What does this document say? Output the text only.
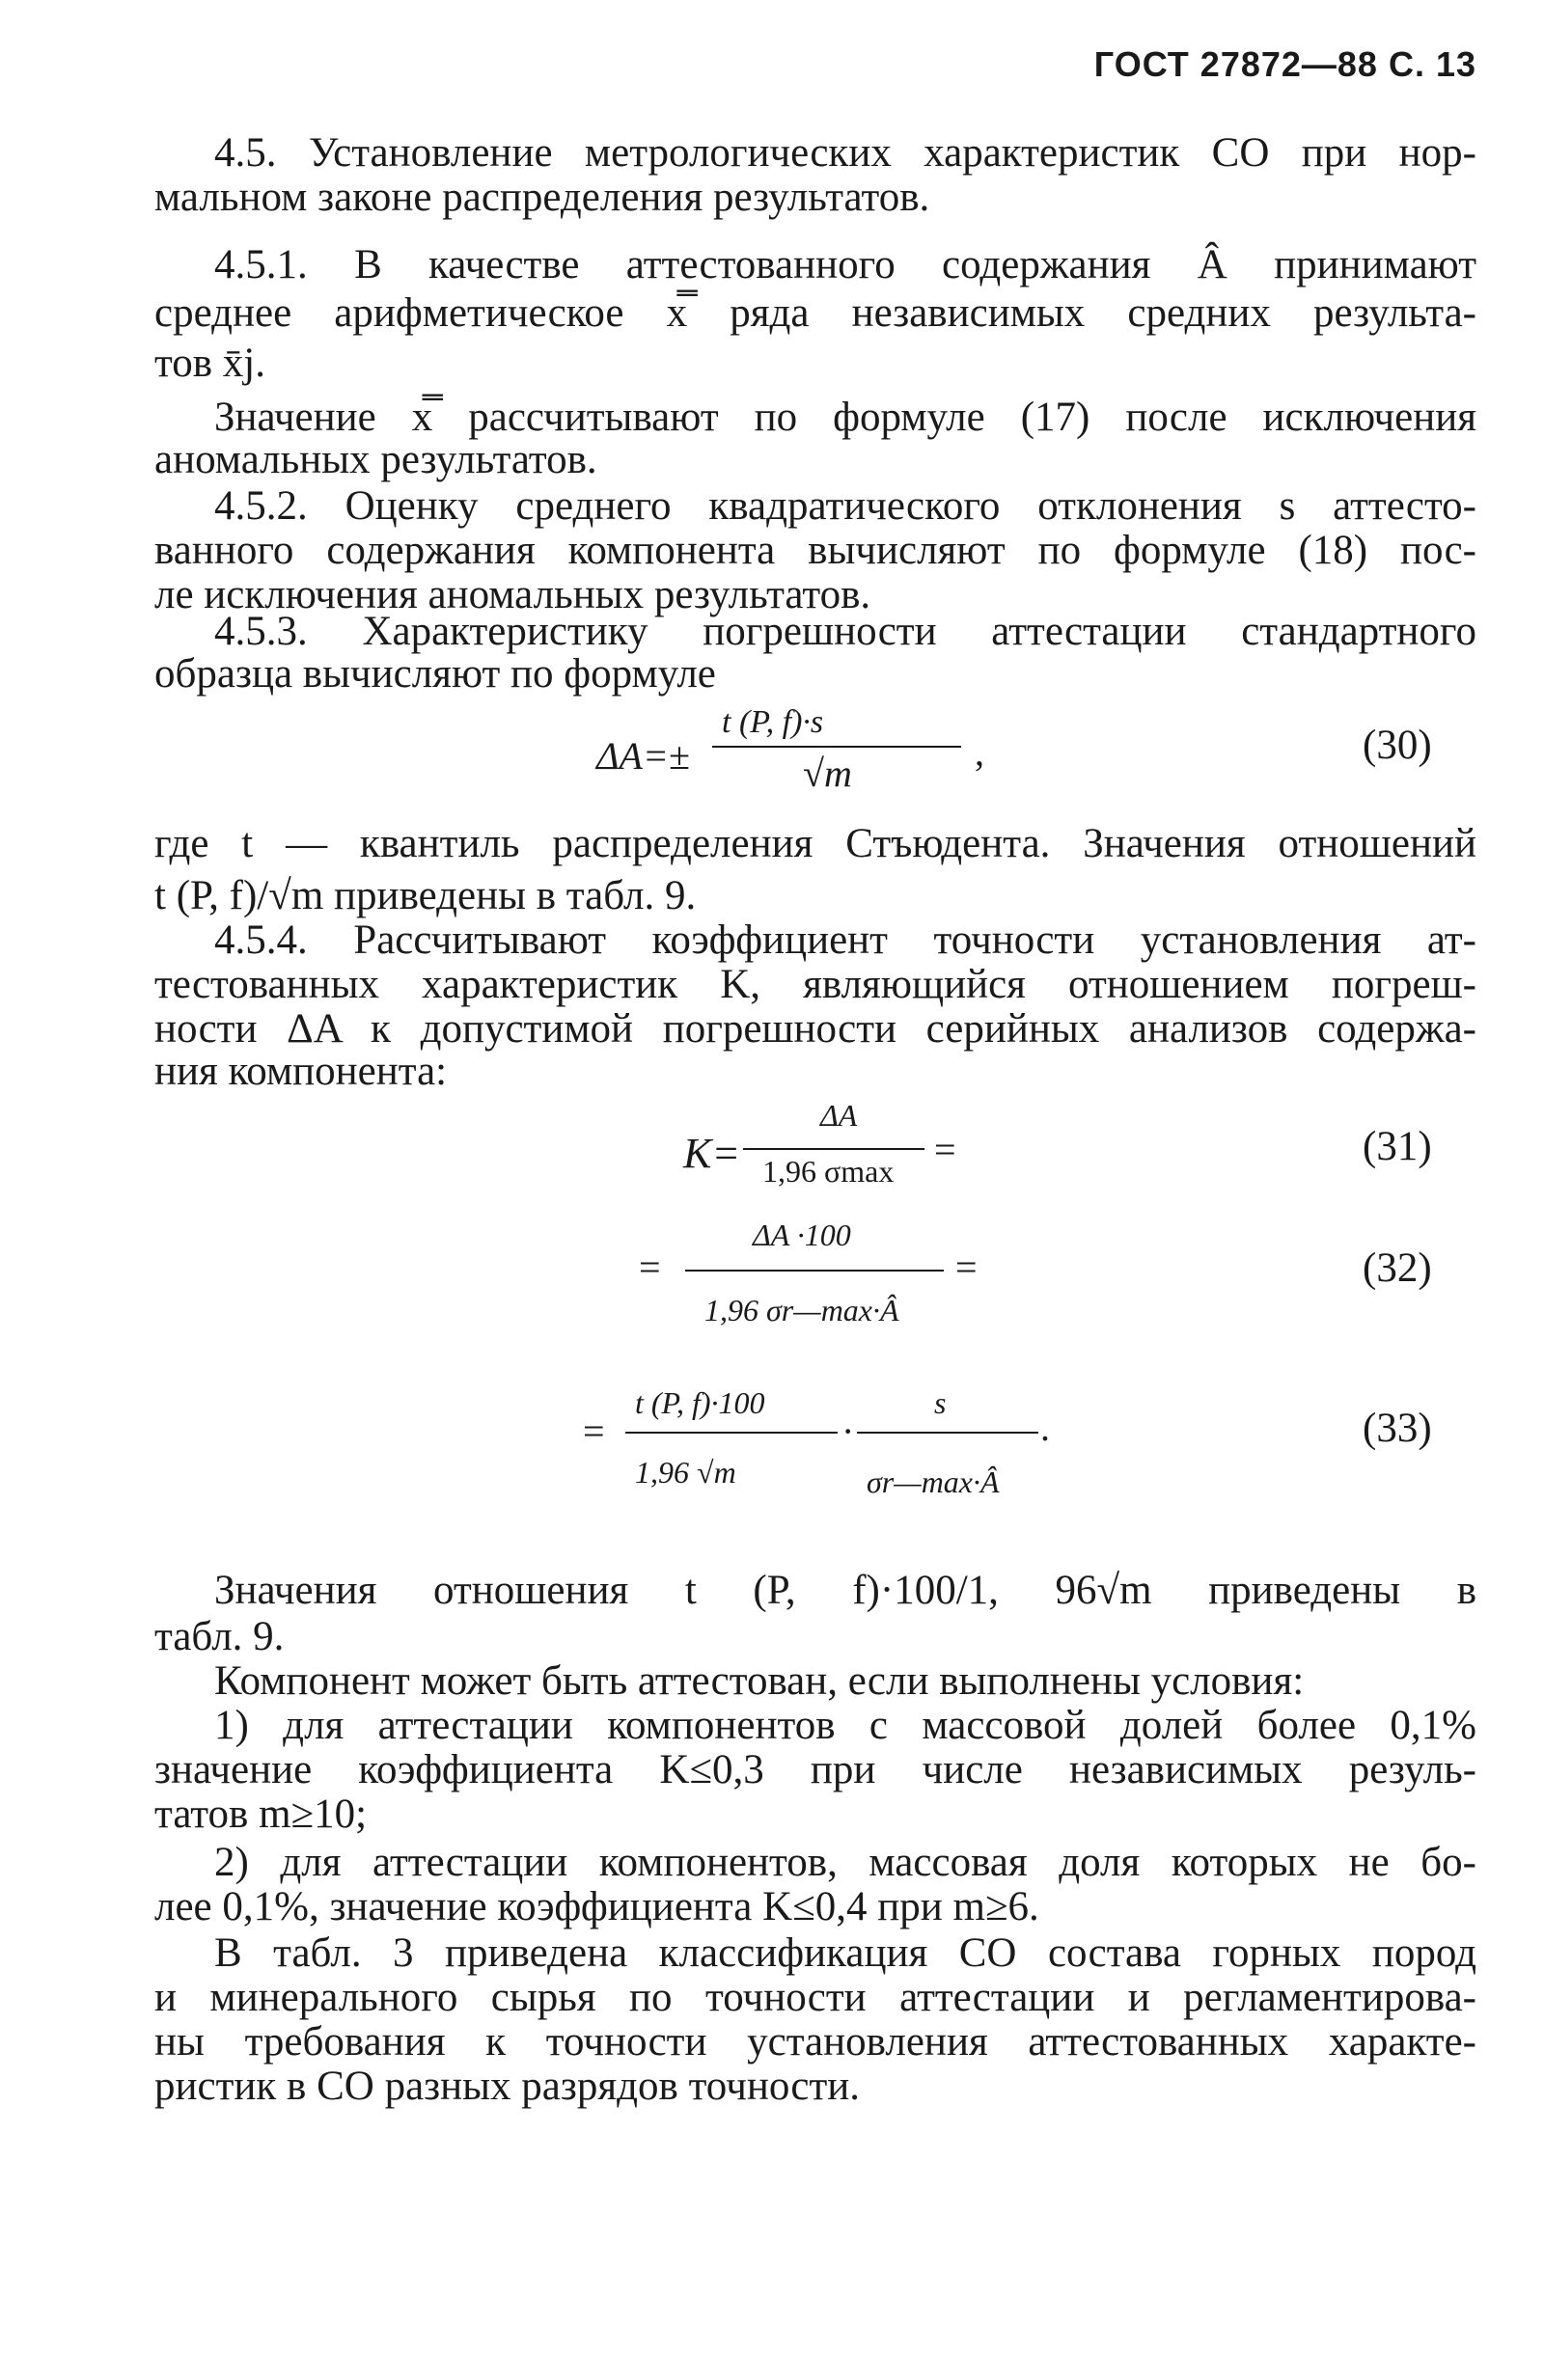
ГОСТ 27872—88 С. 13
4.5. Установление метрологических характеристик СО при нор-
мальном законе распределения результатов.
4.5.1. В качестве аттестованного содержания Â принимают
среднее арифметическое x̿ ряда независимых средних результа-
тов x̄j.
Значение x̿ рассчитывают по формуле (17) после исключения
аномальных результатов.
4.5.2. Оценку среднего квадратического отклонения s аттесто-
ванного содержания компонента вычисляют по формуле (18) пос-
ле исключения аномальных результатов.
4.5.3. Характеристику погрешности аттестации стандартного
образца вычисляют по формуле
ΔA=±
t (P, f)·s
√m	,	(30)
где t — квантиль распределения Стъюдента. Значения отношений
t (P, f)/√m приведены в табл. 9.
4.5.4. Рассчитывают коэффициент точности установления ат-
тестованных характеристик K, являющийся отношением погреш-
ности ΔA к допустимой погрешности серийных анализов содержа-
ния компонента:
K=
ΔA
1,96 σmax =	(31)
=
ΔA ·100
1,96 σr—max·Â
=	(32)
=
t (P, f)·100
1,96 √m
·
s
σr—max·Â
.	(33)
Значения отношения t (P, f)·100/1, 96√m приведены в
табл. 9.
Компонент может быть аттестован, если выполнены условия:
1) для аттестации компонентов с массовой долей более 0,1%
значение коэффициента K≤0,3 при числе независимых резуль-
татов m≥10;
2) для аттестации компонентов, массовая доля которых не бо-
лее 0,1%, значение коэффициента K≤0,4 при m≥6.
В табл. 3 приведена классификация СО состава горных пород
и минерального сырья по точности аттестации и регламентирова-
ны требования к точности установления аттестованных характе-
ристик в СО разных разрядов точности.
